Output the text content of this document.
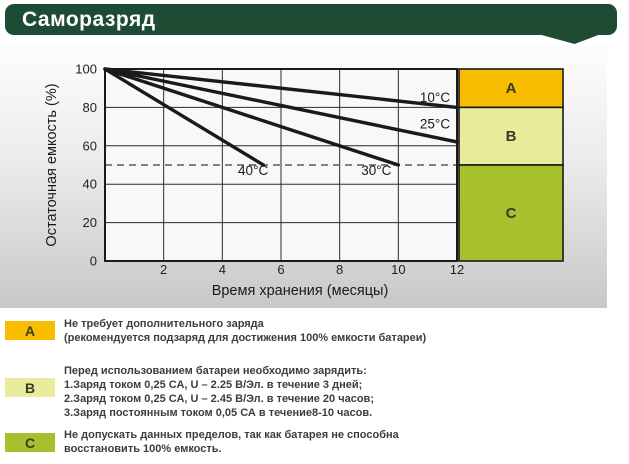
Саморазряд
10°C
25°C
30°C
40°C
A
B
C
2	4	6	8	10	12
0
20
40
60
80
100
Время хранения (месяцы)
Остаточная емкость (%)
A	Не требует дополнительного заряда
(рекомендуется подзаряд для достижения 100% емкости батареи)
B
Перед использованием батареи необходимо зарядить:
1.Заряд током 0,25 СА, U – 2.25 В/Эл. в течение 3 дней;
2.Заряд током 0,25 СА, U – 2.45 В/Эл. в течение 20 часов;
3.Заряд постоянным током 0,05 СА в течение8-10 часов.
C	Не допускать данных пределов, так как батарея не способна
восстановить 100% емкость.
